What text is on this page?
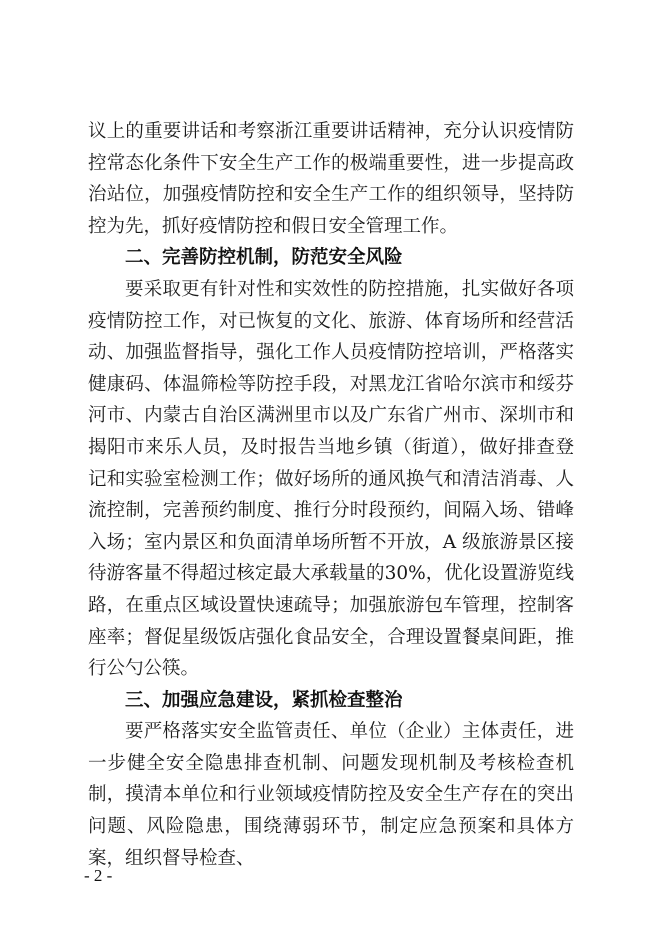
议上的重要讲话和考察浙江重要讲话精神，充分认识疫情防控常态化条件下安全生产工作的极端重要性，进一步提高政治站位，加强疫情防控和安全生产工作的组织领导，坚持防控为先，抓好疫情防控和假日安全管理工作。

二、完善防控机制，防范安全风险

要采取更有针对性和实效性的防控措施，扎实做好各项疫情防控工作，对已恢复的文化、旅游、体育场所和经营活动、加强监督指导，强化工作人员疫情防控培训，严格落实健康码、体温筛检等防控手段，对黑龙江省哈尔滨市和绥芬河市、内蒙古自治区满洲里市以及广东省广州市、深圳市和揭阳市来乐人员，及时报告当地乡镇（街道），做好排查登记和实验室检测工作；做好场所的通风换气和清洁消毒、人流控制，完善预约制度、推行分时段预约，间隔入场、错峰入场；室内景区和负面清单场所暂不开放，A 级旅游景区接待游客量不得超过核定最大承载量的30%，优化设置游览线路，在重点区域设置快速疏导；加强旅游包车管理，控制客座率；督促星级饭店强化食品安全，合理设置餐桌间距，推行公勺公筷。

三、加强应急建设，紧抓检查整治

要严格落实安全监管责任、单位（企业）主体责任，进一步健全安全隐患排查机制、问题发现机制及考核检查机制，摸清本单位和行业领域疫情防控及安全生产存在的突出问题、风险隐患，围绕薄弱环节，制定应急预案和具体方案，组织督导检查、

- 2 -
